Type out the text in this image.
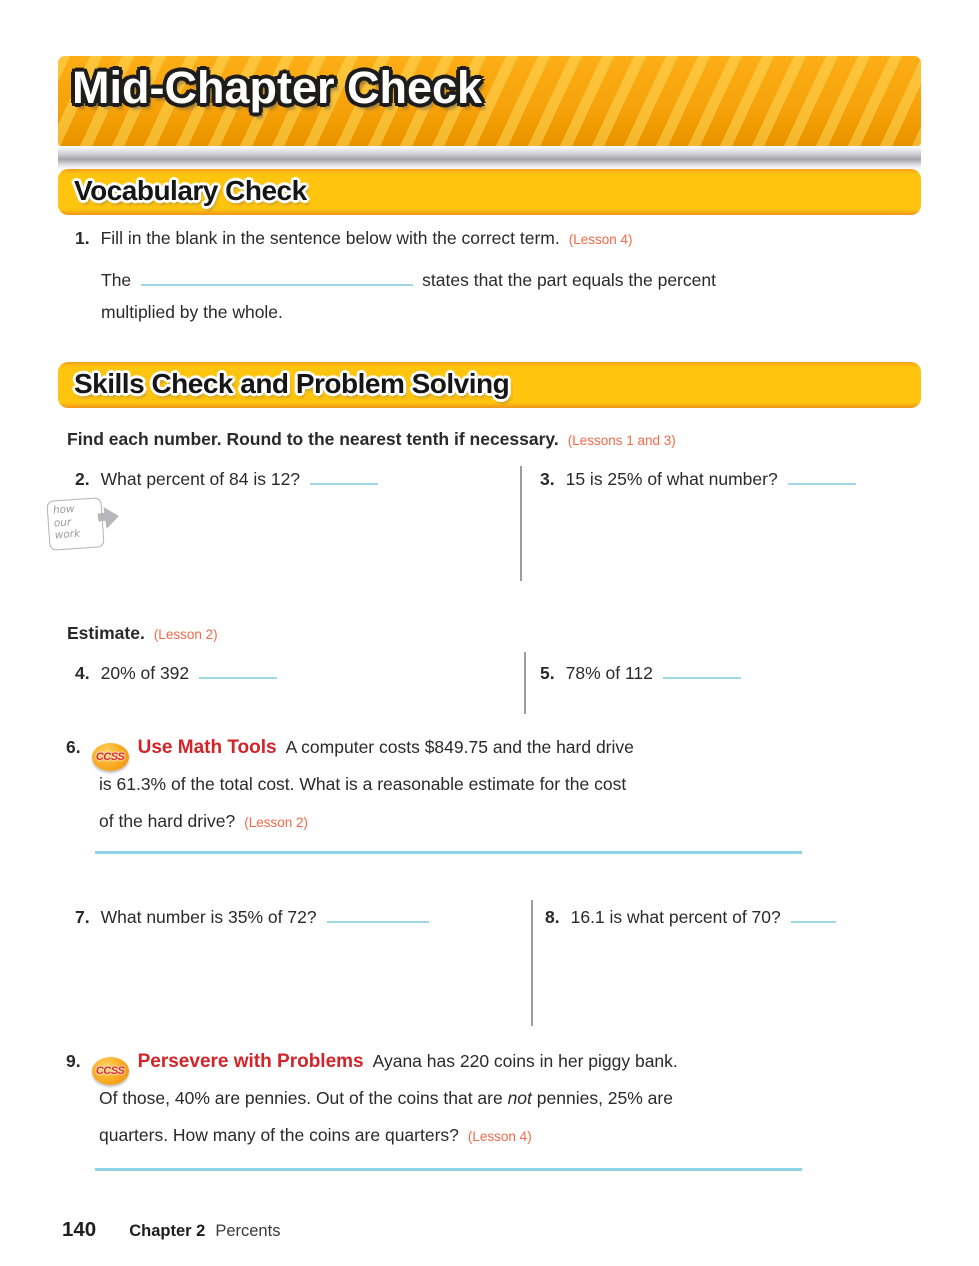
Mid-Chapter Check
Vocabulary Check
1. Fill in the blank in the sentence below with the correct term. (Lesson 4)
The	states that the part equals the percent
multiplied by the whole.
Skills Check and Problem Solving
Find each number. Round to the nearest tenth if necessary. (Lessons 1 and 3)
2. What percent of 84 is 12?	3. 15 is 25% of what number?
how
our
work
Estimate. (Lesson 2)
4. 20% of 392	5. 78% of 112
6. CCSS Use Math Tools A computer costs $849.75 and the hard drive
is 61.3% of the total cost. What is a reasonable estimate for the cost
of the hard drive? (Lesson 2)
7. What number is 35% of 72?	8. 16.1 is what percent of 70?
9. CCSS Persevere with Problems Ayana has 220 coins in her piggy bank.
Of those, 40% are pennies. Out of the coins that are not pennies, 25% are
quarters. How many of the coins are quarters? (Lesson 4)
140 Chapter 2 Percents
